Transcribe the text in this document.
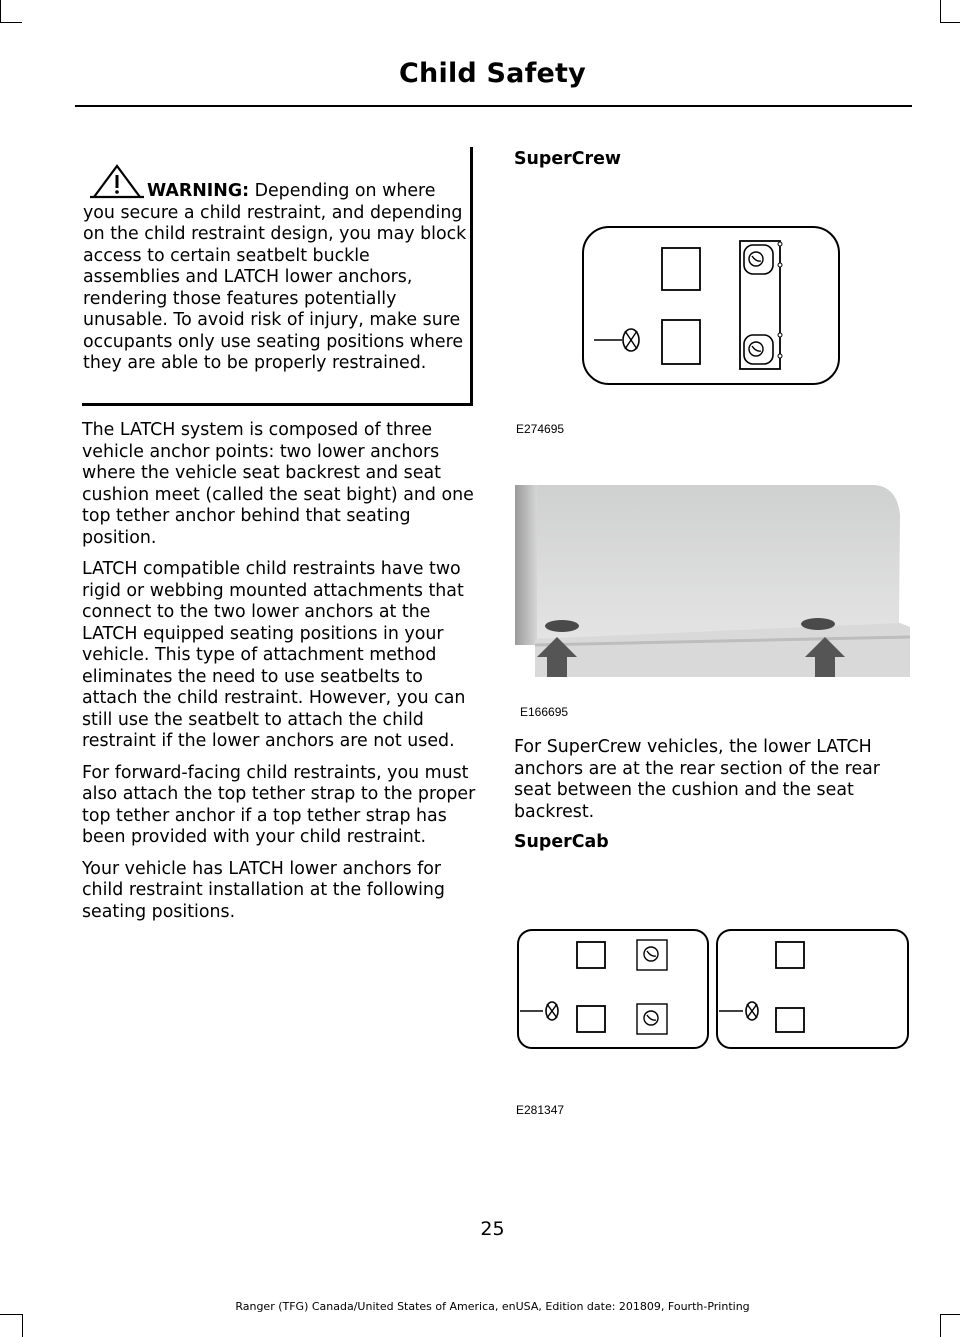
Child Safety
WARNING: Depending on where you secure a child restraint, and depending on the child restraint design, you may block access to certain seatbelt buckle assemblies and LATCH lower anchors, rendering those features potentially unusable. To avoid risk of injury, make sure occupants only use seating positions where they are able to be properly restrained.

The LATCH system is composed of three vehicle anchor points: two lower anchors where the vehicle seat backrest and seat cushion meet (called the seat bight) and one top tether anchor behind that seating position.

LATCH compatible child restraints have two rigid or webbing mounted attachments that connect to the two lower anchors at the LATCH equipped seating positions in your vehicle. This type of attachment method eliminates the need to use seatbelts to attach the child restraint. However, you can still use the seatbelt to attach the child restraint if the lower anchors are not used.

For forward-facing child restraints, you must also attach the top tether strap to the proper top tether anchor if a top tether strap has been provided with your child restraint.

Your vehicle has LATCH lower anchors for child restraint installation at the following seating positions.

SuperCrew
E274695
E166695
For SuperCrew vehicles, the lower LATCH anchors are at the rear section of the rear seat between the cushion and the seat backrest.
SuperCab
E281347
25
Ranger (TFG) Canada/United States of America, enUSA, Edition date: 201809, Fourth-Printing
